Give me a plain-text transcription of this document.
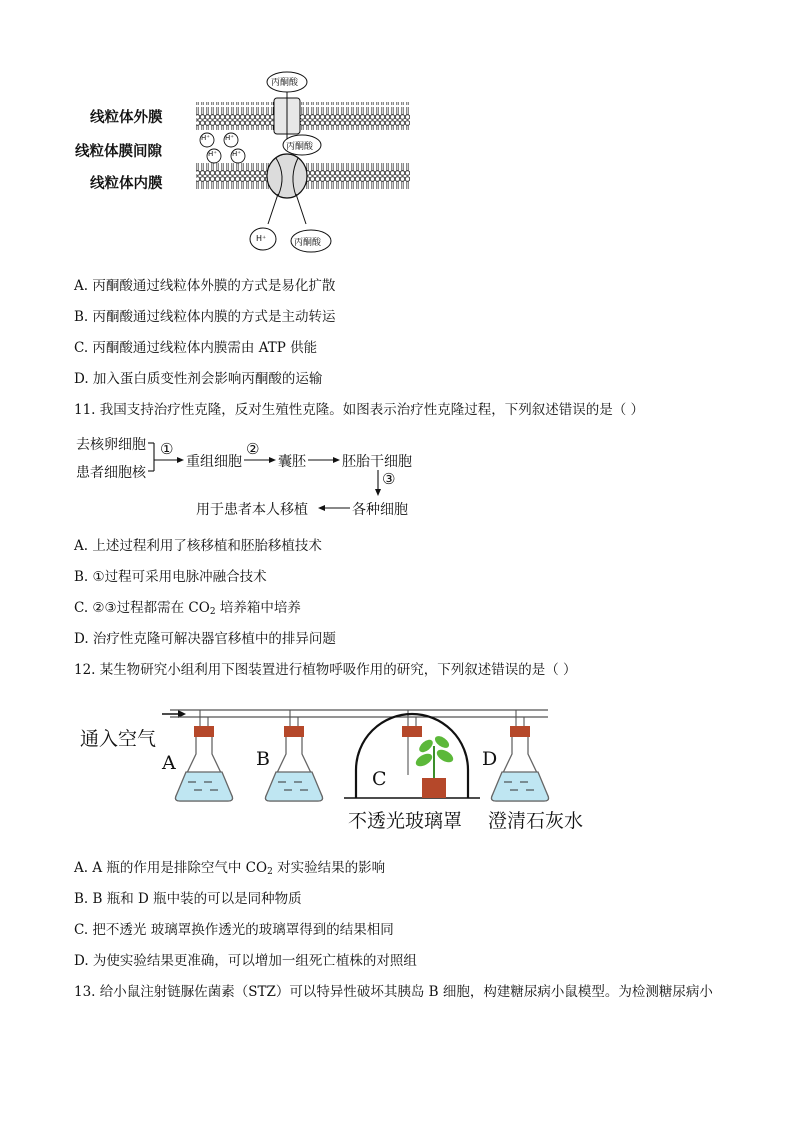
线粒体外膜
线粒体膜间隙
线粒体内膜
丙酮酸
丙酮酸
H⁺ H⁺
H⁺ H⁺
H⁺	丙酮酸
A. 丙酮酸通过线粒体外膜的方式是易化扩散
B. 丙酮酸通过线粒体内膜的方式是主动转运
C. 丙酮酸通过线粒体内膜需由 ATP 供能
D. 加入蛋白质变性剂会影响丙酮酸的运输
11. 我国支持治疗性克隆，反对生殖性克隆。如图表示治疗性克隆过程，下列叙述错误的是（ ）
去核卵细胞
患者细胞核
①
重组细胞
②
囊胚	胚胎干细胞
③
各种细胞
用于患者本人移植
A. 上述过程利用了核移植和胚胎移植技术
B. ①过程可采用电脉冲融合技术
C. ②③过程都需在 $CO_2$ 培养箱中培养
D. 治疗性克隆可解决器官移植中的排异问题
12. 某生物研究小组利用下图装置进行植物呼吸作用的研究，下列叙述错误的是（ ）
通入空气
A	B
C
D
不透光玻璃罩 澄清石灰水
A. A 瓶的作用是排除空气中 $CO_2$ 对实验结果的影响
B. B 瓶和 D 瓶中装的可以是同种物质
C. 把不透光 玻璃罩换作透光的玻璃罩得到的结果相同
D. 为使实验结果更准确，可以增加一组死亡植株的对照组
13. 给小鼠注射链脲佐菌素（STZ）可以特异性破坏其胰岛 B 细胞，构建糖尿病小鼠模型。为检测糖尿病小
